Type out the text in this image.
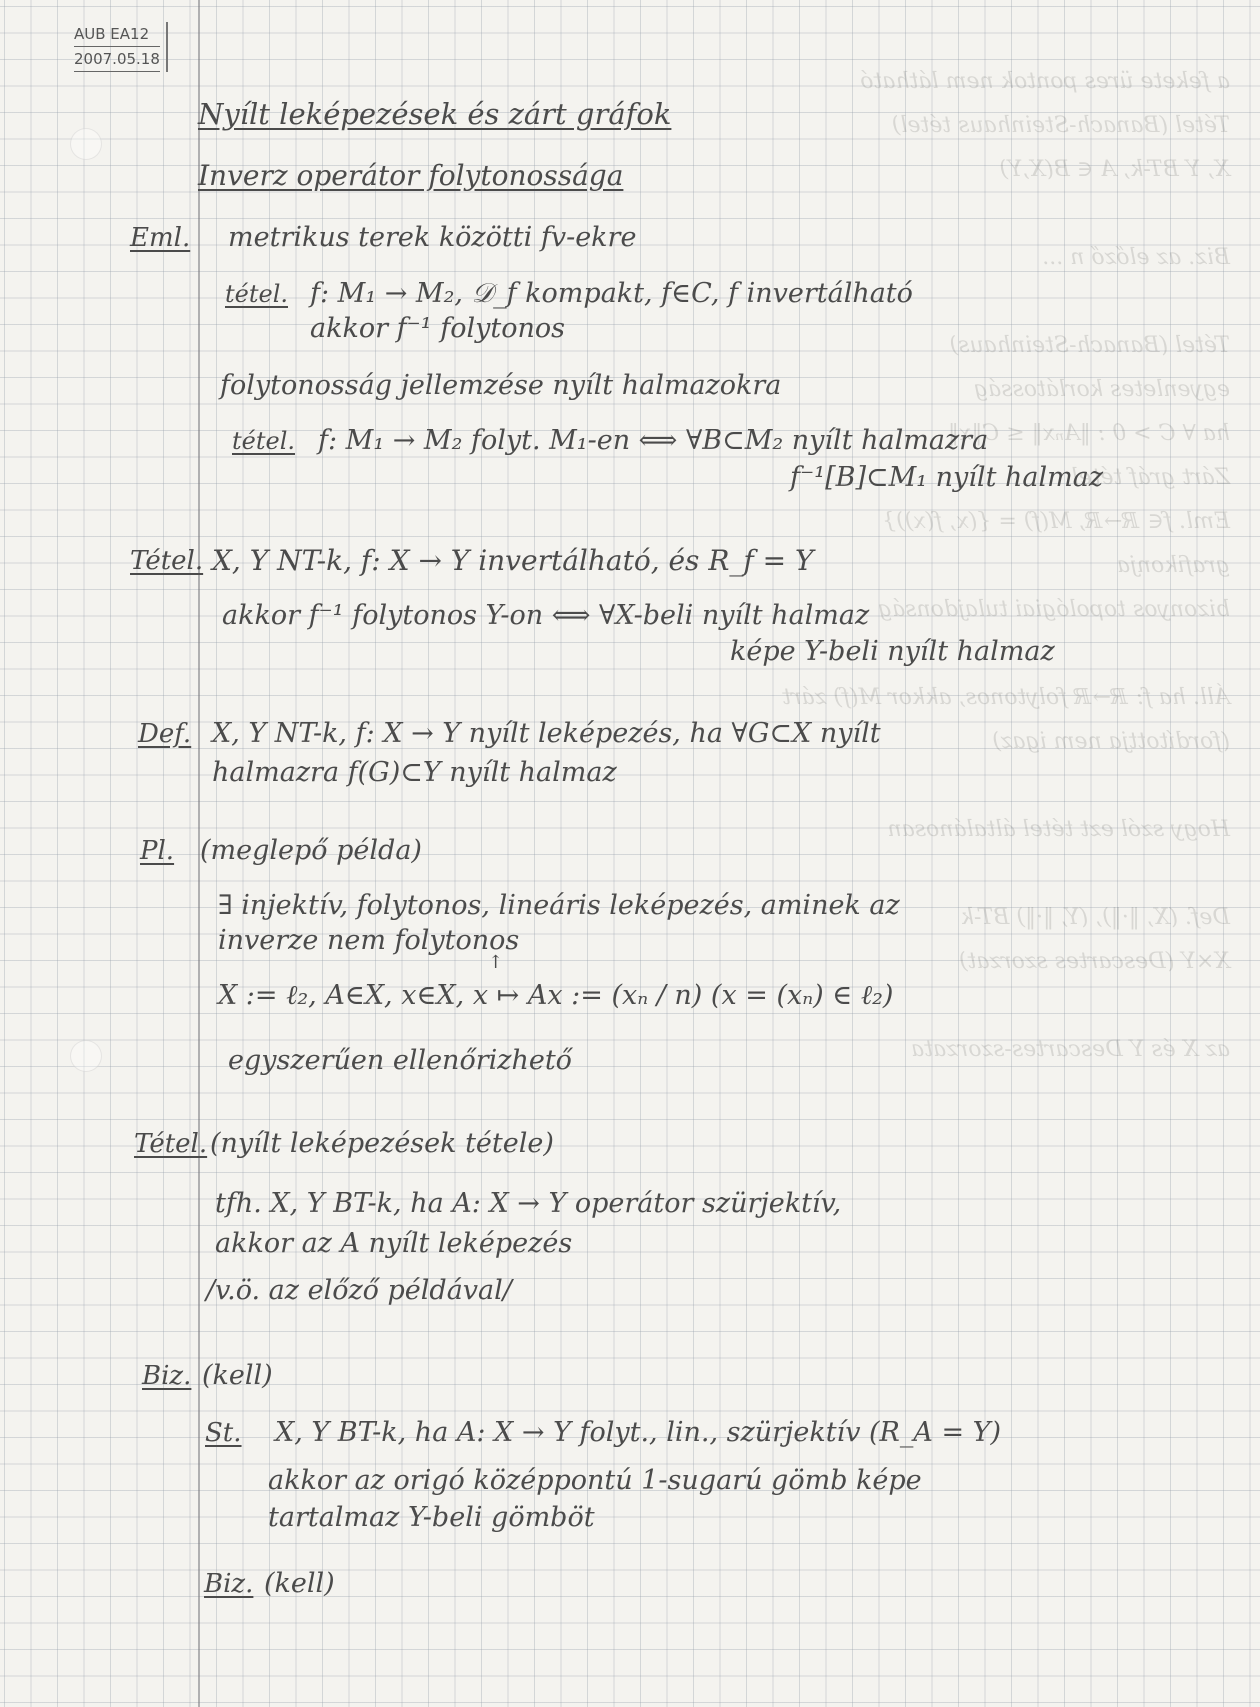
a fekete üres pontok nem látható
Tétel (Banach-Steinhaus tétel)
X, Y BT-k, A ∈ B(X,Y)

Biz. az előző n ...

Tétel (Banach-Steinhaus)
egyenletes korlátosság
ha ∀ C > 0 : ‖Aₙx‖ ≤ C‖x‖
Zárt gráf tétel
Eml. f∈ ℝ→ℝ, M(f) = {(x, f(x))}
grafikonja
bizonyos topológiai tulajdonság

Áll. ha f: ℝ→ℝ folytonos, akkor M(f) zárt
(fordítottja nem igaz)

Hogy szól ezt tétel általánosan

Def. (X, ‖·‖), (Y, ‖·‖) BT-k
X×Y (Descartes szorzat)

az X és Y Descartes-szorzata
AUB EA12
2007.05.18
Nyílt leképezések és zárt gráfok
Inverz operátor folytonossága
Eml. metrikus terek közötti fv-ekre
tétel. f: M₁ → M₂, 𝒟_f kompakt, f∈C, f invertálható
akkor f⁻¹ folytonos
folytonosság jellemzése nyílt halmazokra
tétel. f: M₁ → M₂ folyt. M₁-en ⟺ ∀B⊂M₂ nyílt halmazra
f⁻¹[B]⊂M₁ nyílt halmaz
Tétel. X, Y NT-k, f: X → Y invertálható, és R_f = Y
akkor f⁻¹ folytonos Y-on ⟺ ∀X-beli nyílt halmaz
képe Y-beli nyílt halmaz
Def. X, Y NT-k, f: X → Y nyílt leképezés, ha ∀G⊂X nyílt
halmazra f(G)⊂Y nyílt halmaz
Pl. (meglepő példa)
∃ injektív, folytonos, lineáris leképezés, aminek az
inverze nem folytonos
↑
X := ℓ₂, A∈X, x∈X, x ↦ Ax := (xₙ / n) (x = (xₙ) ∈ ℓ₂)
egyszerűen ellenőrizhető
Tétel. (nyílt leképezések tétele)
tfh. X, Y BT-k, ha A: X → Y operátor szürjektív,
akkor az A nyílt leképezés
/v.ö. az előző példával/
Biz. (kell)
St. X, Y BT-k, ha A: X → Y folyt., lin., szürjektív (R_A = Y)
akkor az origó középpontú 1-sugarú gömb képe
tartalmaz Y-beli gömböt
Biz. (kell)
